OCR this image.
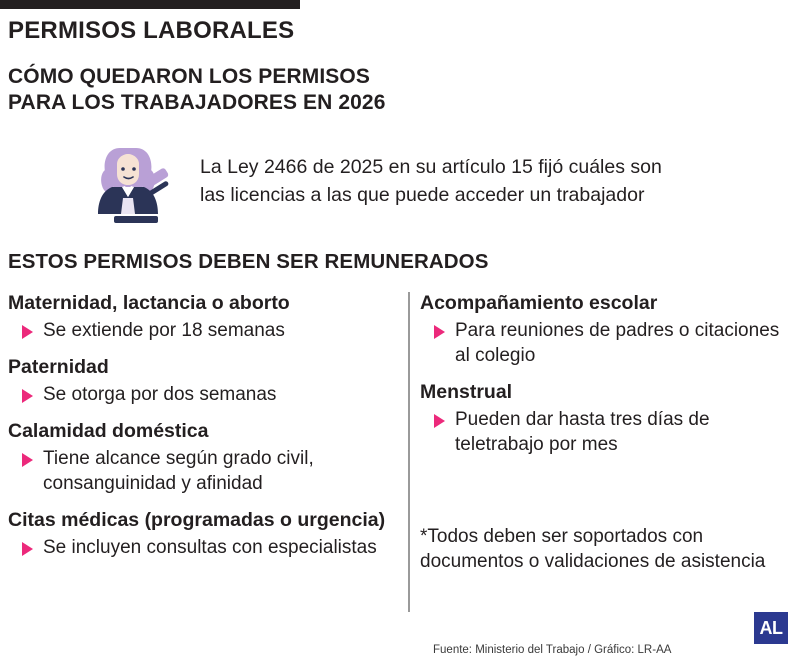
PERMISOS LABORALES
CÓMO QUEDARON LOS PERMISOS
PARA LOS TRABAJADORES EN 2026
La Ley 2466 de 2025 en su artículo 15 fijó cuáles son
las licencias a las que puede acceder un trabajador
ESTOS PERMISOS DEBEN SER REMUNERADOS
Maternidad, lactancia o aborto
Se extiende por 18 semanas
Paternidad
Se otorga por dos semanas
Calamidad doméstica
Tiene alcance según grado civil, consanguinidad y afinidad
Citas médicas (programadas o urgencia)
Se incluyen consultas con especialistas
Acompañamiento escolar
Para reuniones de padres o citaciones al colegio
Menstrual
Pueden dar hasta tres días de teletrabajo por mes
*Todos deben ser soportados con documentos o validaciones de asistencia
Fuente: Ministerio del Trabajo / Gráfico: LR-AA
AL
